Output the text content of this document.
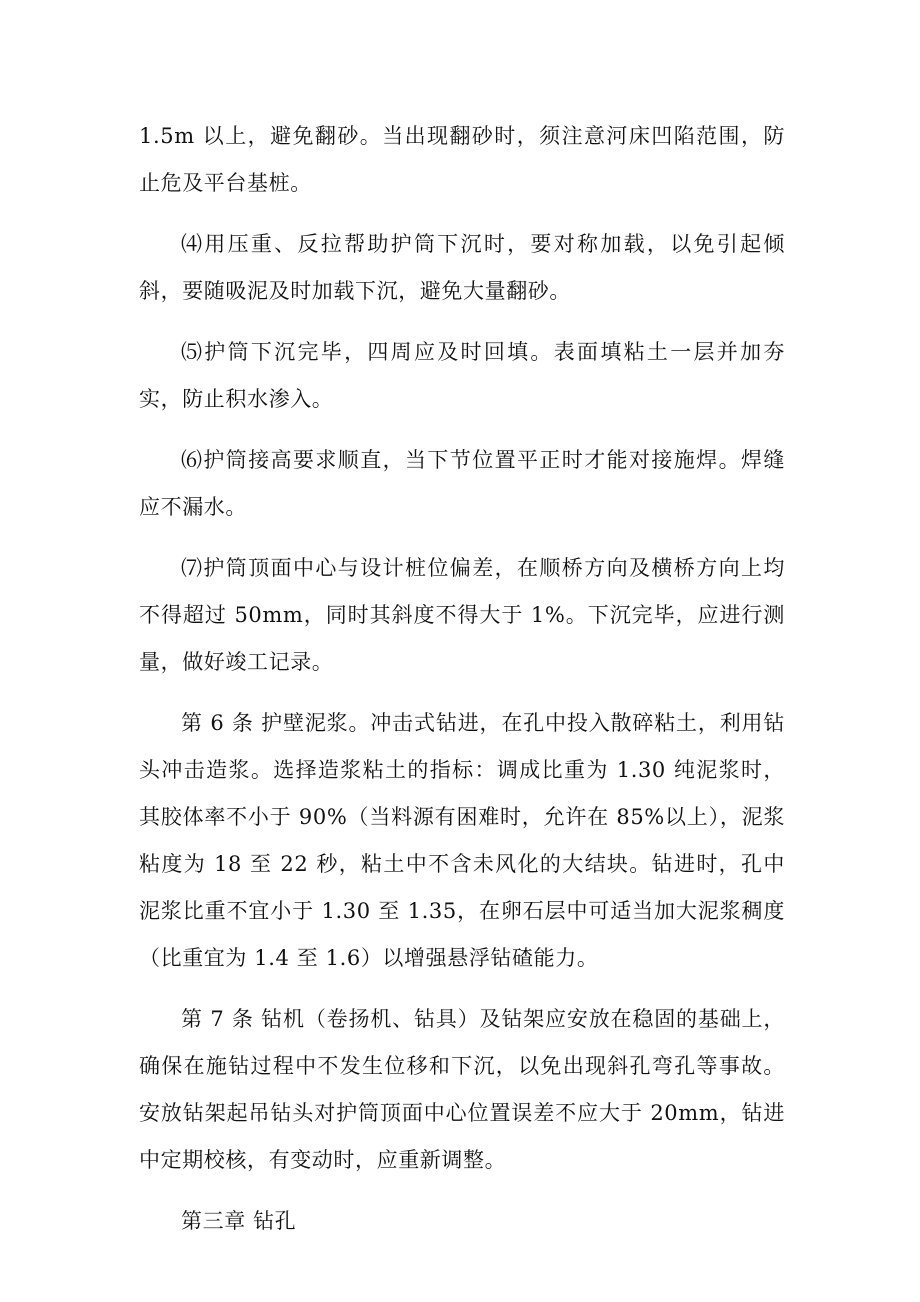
1.5m 以上，避免翻砂。当出现翻砂时，须注意河床凹陷范围，防止危及平台基桩。

⑷用压重、反拉帮助护筒下沉时，要对称加载，以免引起倾斜，要随吸泥及时加载下沉，避免大量翻砂。

⑸护筒下沉完毕，四周应及时回填。表面填粘土一层并加夯实，防止积水渗入。

⑹护筒接高要求顺直，当下节位置平正时才能对接施焊。焊缝应不漏水。

⑺护筒顶面中心与设计桩位偏差，在顺桥方向及横桥方向上均不得超过 50mm，同时其斜度不得大于 1%。下沉完毕，应进行测量，做好竣工记录。

第 6 条 护壁泥浆。冲击式钻进，在孔中投入散碎粘土，利用钻头冲击造浆。选择造浆粘土的指标：调成比重为 1.30 纯泥浆时，其胶体率不小于 90%（当料源有困难时，允许在 85%以上），泥浆粘度为 18 至 22 秒，粘土中不含未风化的大结块。钻进时，孔中泥浆比重不宜小于 1.30 至 1.35，在卵石层中可适当加大泥浆稠度（比重宜为 1.4 至 1.6）以增强悬浮钻碴能力。

第 7 条 钻机（卷扬机、钻具）及钻架应安放在稳固的基础上，确保在施钻过程中不发生位移和下沉，以免出现斜孔弯孔等事故。安放钻架起吊钻头对护筒顶面中心位置误差不应大于 20mm，钻进中定期校核，有变动时，应重新调整。

第三章 钻孔
